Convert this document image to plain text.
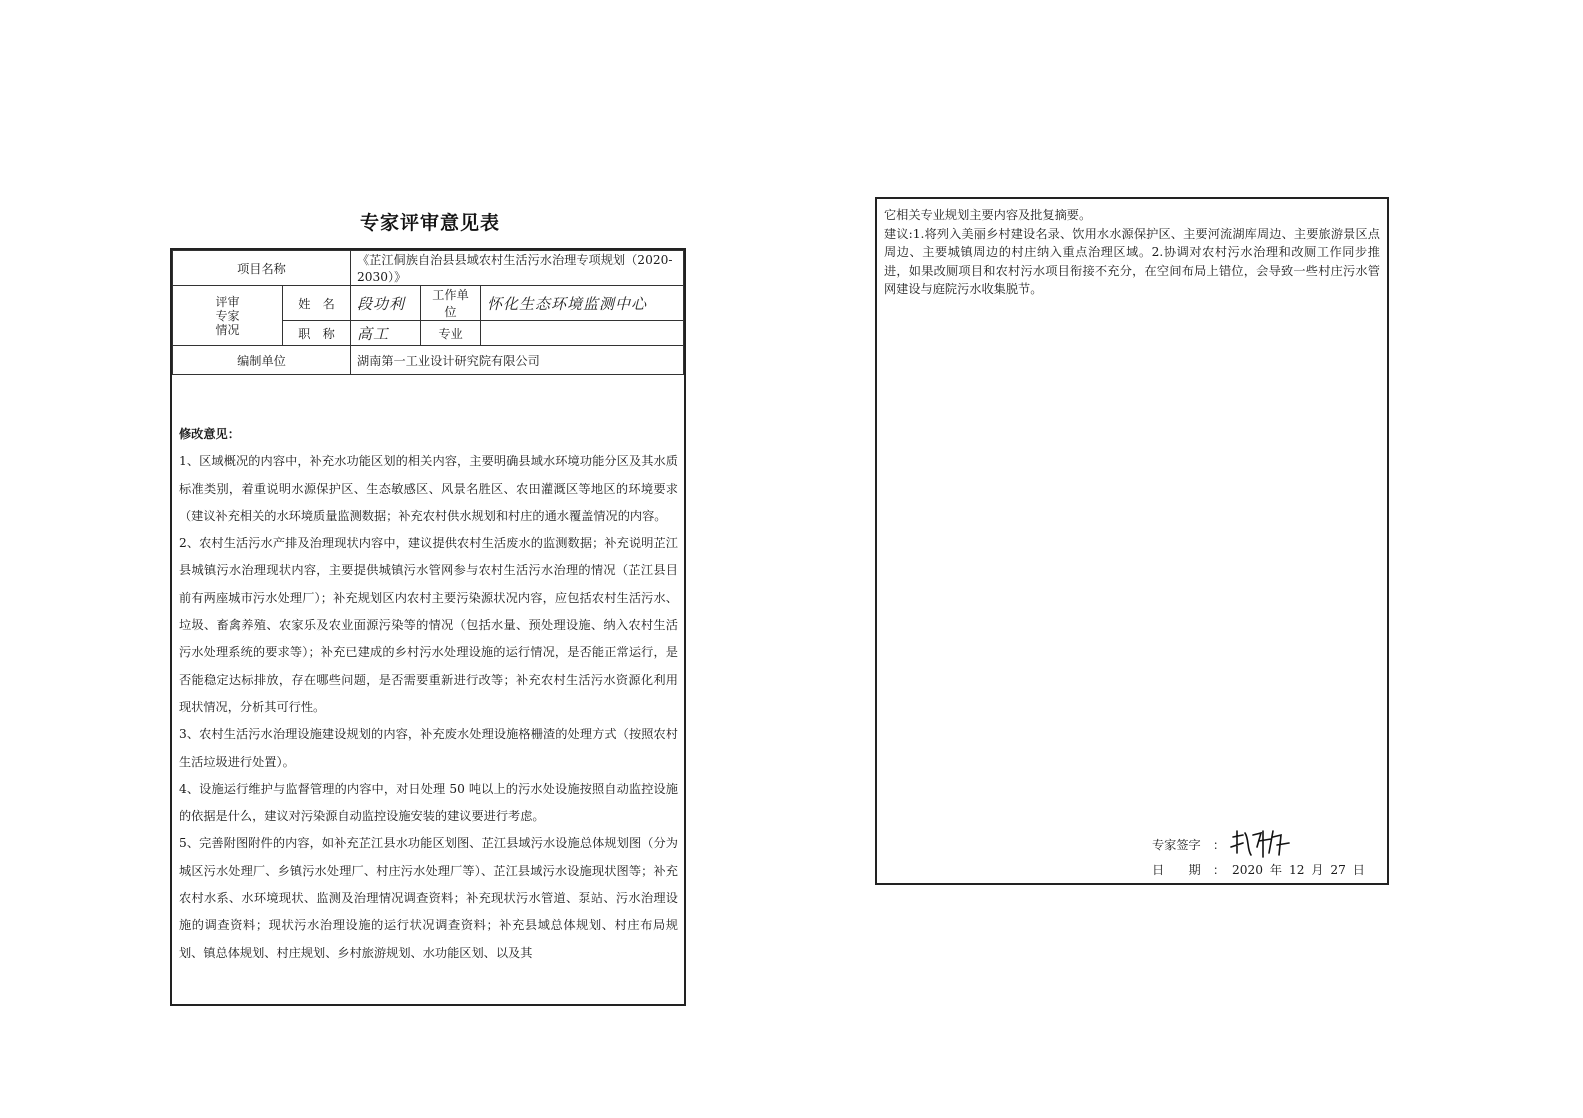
专家评审意见表
项目名称		《芷江侗族自治县县域农村生活污水治理专项规划（2020-2030）》		

评审
专家
情况	姓　名	段功利	工作单位	怀化生态环境监测中心
	职　称	高工	专业	
编制单位		湖南第一工业设计研究院有限公司		

修改意见：

1、区域概况的内容中，补充水功能区划的相关内容，主要明确县域水环境功能分区及其水质标准类别，着重说明水源保护区、生态敏感区、风景名胜区、农田灌溉区等地区的环境要求（建议补充相关的水环境质量监测数据；补充农村供水规划和村庄的通水覆盖情况的内容。

2、农村生活污水产排及治理现状内容中，建议提供农村生活废水的监测数据；补充说明芷江县城镇污水治理现状内容，主要提供城镇污水管网参与农村生活污水治理的情况（芷江县目前有两座城市污水处理厂）；补充规划区内农村主要污染源状况内容，应包括农村生活污水、垃圾、畜禽养殖、农家乐及农业面源污染等的情况（包括水量、预处理设施、纳入农村生活污水处理系统的要求等）；补充已建成的乡村污水处理设施的运行情况，是否能正常运行，是否能稳定达标排放，存在哪些问题，是否需要重新进行改等；补充农村生活污水资源化利用现状情况，分析其可行性。

3、农村生活污水治理设施建设规划的内容，补充废水处理设施格栅渣的处理方式（按照农村生活垃圾进行处置）。

4、设施运行维护与监督管理的内容中，对日处理 50 吨以上的污水处设施按照自动监控设施的依据是什么，建议对污染源自动监控设施安装的建议要进行考虑。

5、完善附图附件的内容，如补充芷江县水功能区划图、芷江县域污水设施总体规划图（分为城区污水处理厂、乡镇污水处理厂、村庄污水处理厂等）、芷江县域污水设施现状图等；补充农村水系、水环境现状、监测及治理情况调查资料；补充现状污水管道、泵站、污水治理设施的调查资料；现状污水治理设施的运行状况调查资料；补充县域总体规划、村庄布局规划、镇总体规划、村庄规划、乡村旅游规划、水功能区划、以及其

它相关专业规划主要内容及批复摘要。

建议:1.将列入美丽乡村建设名录、饮用水水源保护区、主要河流湖库周边、主要旅游景区点周边、主要城镇周边的村庄纳入重点治理区域。2.协调对农村污水治理和改厕工作同步推进，如果改厕项目和农村污水项目衔接不充分，在空间布局上错位，会导致一些村庄污水管网建设与庭院污水收集脱节。

专家签字　：
日　　期　： 2020 年 12 月 27 日
